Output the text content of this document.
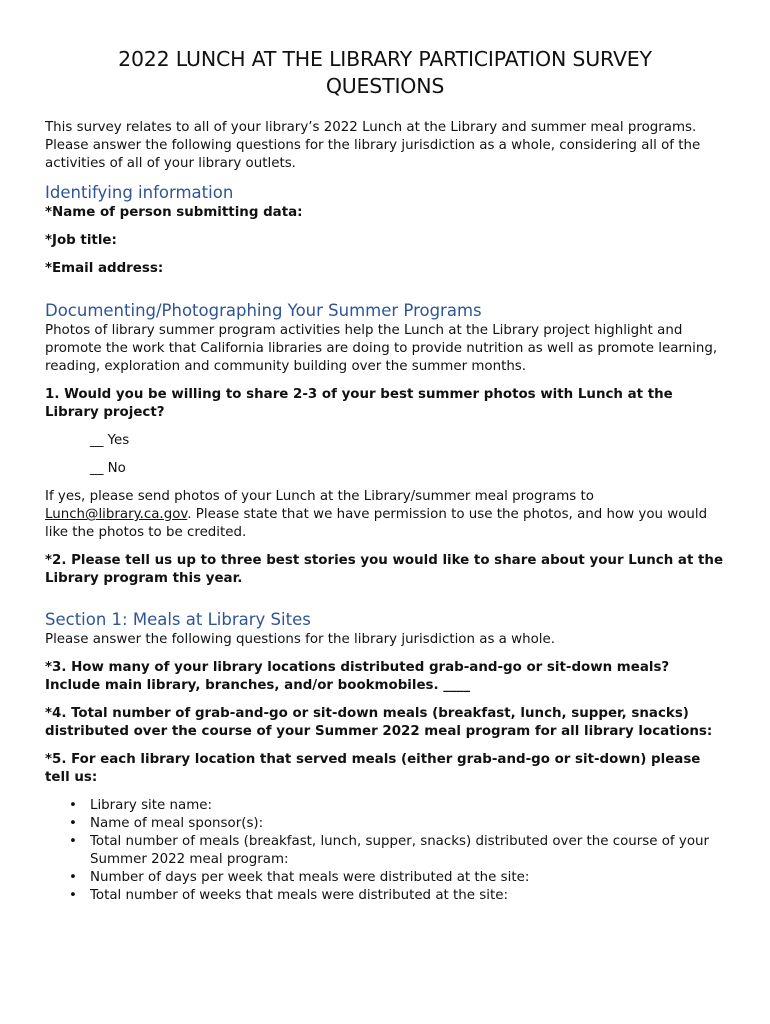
2022 LUNCH AT THE LIBRARY PARTICIPATION SURVEY
QUESTIONS

This survey relates to all of your library’s 2022 Lunch at the Library and summer meal programs. Please answer the following questions for the library jurisdiction as a whole, considering all of the activities of all of your library outlets.

Identifying information

*Name of person submitting data:

*Job title:

*Email address:

Documenting/Photographing Your Summer Programs

Photos of library summer program activities help the Lunch at the Library project highlight and promote the work that California libraries are doing to provide nutrition as well as promote learning, reading, exploration and community building over the summer months.

1. Would you be willing to share 2-3 of your best summer photos with Lunch at the Library project?

__ Yes

__ No

If yes, please send photos of your Lunch at the Library/summer meal programs to Lunch@library.ca.gov. Please state that we have permission to use the photos, and how you would like the photos to be credited.

*2. Please tell us up to three best stories you would like to share about your Lunch at the Library program this year.

Section 1: Meals at Library Sites

Please answer the following questions for the library jurisdiction as a whole.

*3. How many of your library locations distributed grab-and-go or sit-down meals? Include main library, branches, and/or bookmobiles. ____

*4. Total number of grab-and-go or sit-down meals (breakfast, lunch, supper, snacks) distributed over the course of your Summer 2022 meal program for all library locations:

*5. For each library location that served meals (either grab-and-go or sit-down) please tell us:

• Library site name:
• Name of meal sponsor(s):
• Total number of meals (breakfast, lunch, supper, snacks) distributed over the course of your Summer 2022 meal program:
• Number of days per week that meals were distributed at the site:
• Total number of weeks that meals were distributed at the site:
